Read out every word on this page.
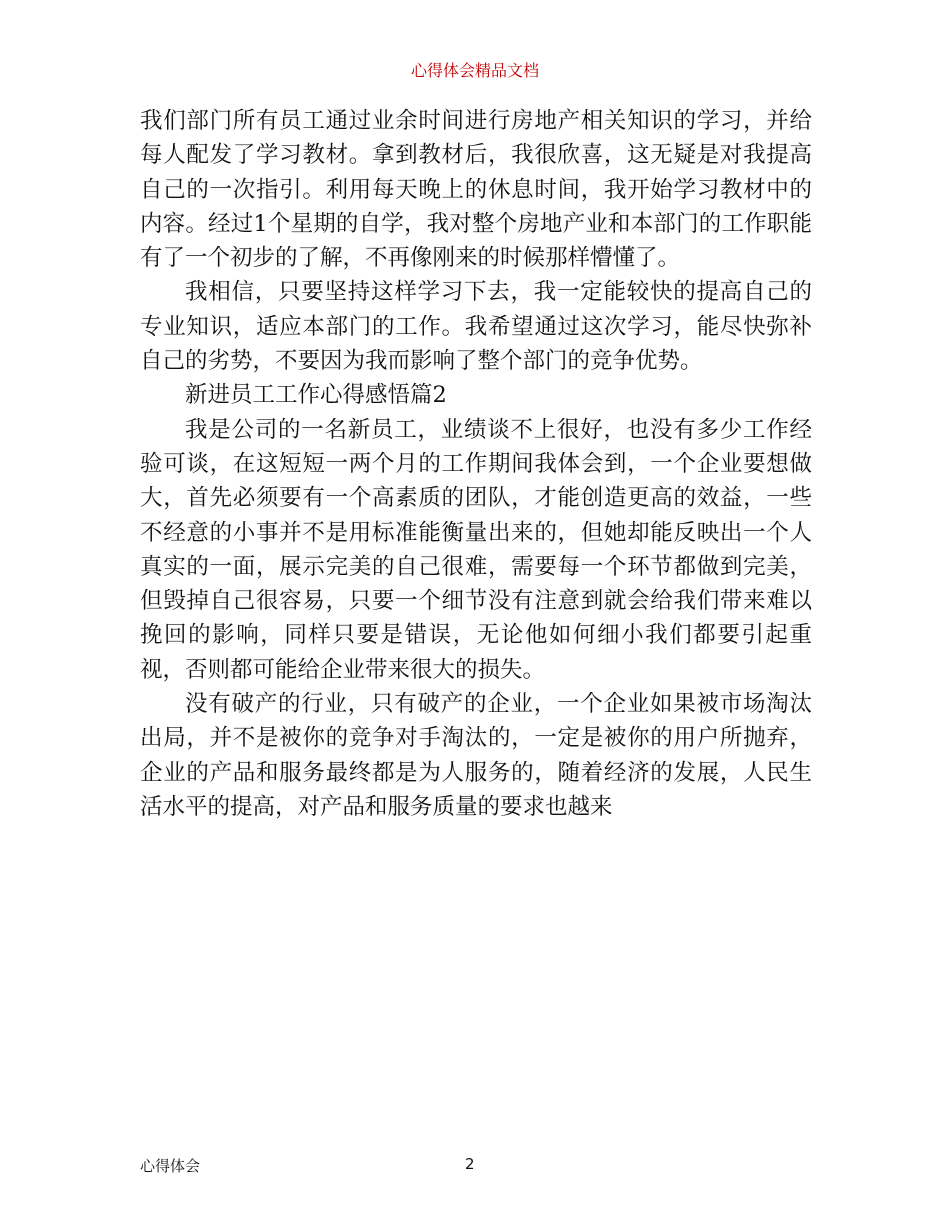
心得体会精品文档

我们部门所有员工通过业余时间进行房地产相关知识的学习，并给每人配发了学习教材。拿到教材后，我很欣喜，这无疑是对我提高自己的一次指引。利用每天晚上的休息时间，我开始学习教材中的内容。经过1个星期的自学，我对整个房地产业和本部门的工作职能有了一个初步的了解，不再像刚来的时候那样懵懂了。

我相信，只要坚持这样学习下去，我一定能较快的提高自己的专业知识，适应本部门的工作。我希望通过这次学习，能尽快弥补自己的劣势，不要因为我而影响了整个部门的竞争优势。

新进员工工作心得感悟篇2

我是公司的一名新员工，业绩谈不上很好，也没有多少工作经验可谈，在这短短一两个月的工作期间我体会到，一个企业要想做大，首先必须要有一个高素质的团队，才能创造更高的效益，一些不经意的小事并不是用标准能衡量出来的，但她却能反映出一个人真实的一面，展示完美的自己很难，需要每一个环节都做到完美，但毁掉自己很容易，只要一个细节没有注意到就会给我们带来难以挽回的影响，同样只要是错误，无论他如何细小我们都要引起重视，否则都可能给企业带来很大的损失。

没有破产的行业，只有破产的企业，一个企业如果被市场淘汰出局，并不是被你的竞争对手淘汰的，一定是被你的用户所抛弃，企业的产品和服务最终都是为人服务的，随着经济的发展，人民生活水平的提高，对产品和服务质量的要求也越来

心得体会	2
